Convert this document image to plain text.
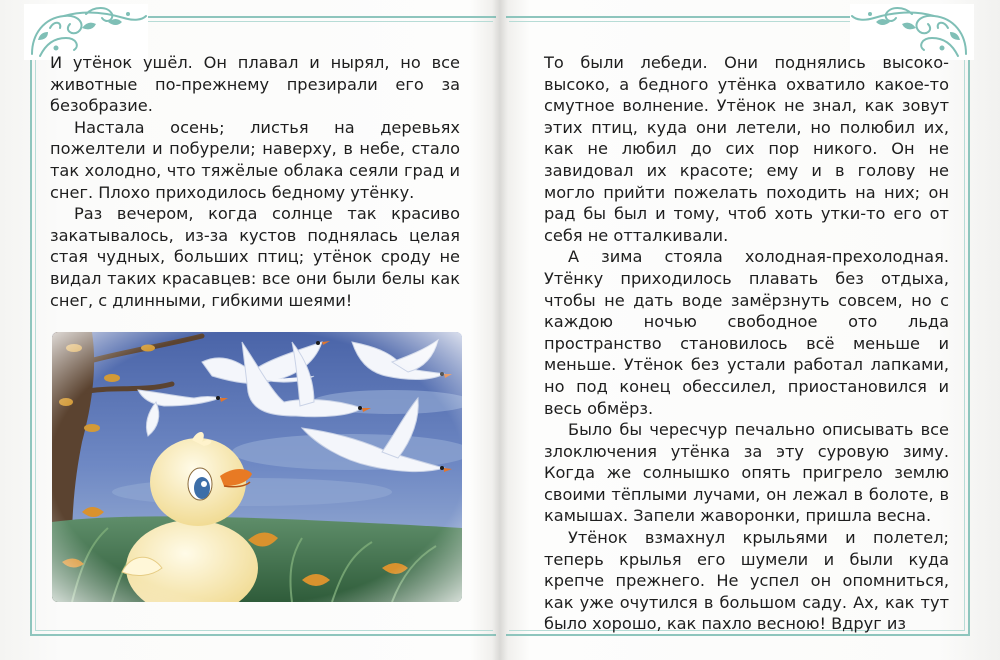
И утёнок ушёл. Он плавал и нырял, но все животные по-прежнему презирали его за безобразие.

Настала осень; листья на деревьях пожелтели и побурели; наверху, в небе, стало так холодно, что тяжёлые облака сеяли град и снег. Плохо приходилось бедному утёнку.

Раз вечером, когда солнце так красиво закатывалось, из-за кустов поднялась целая стая чудных, больших птиц; утёнок сроду не видал таких красавцев: все они были белы как снег, с длинными, гибкими шеями!

То были лебеди. Они поднялись высоко-высоко, а бедного утёнка охватило какое-то смутное волнение. Утёнок не знал, как зовут этих птиц, куда они летели, но полюбил их, как не любил до сих пор никого. Он не завидовал их красоте; ему и в голову не могло прийти пожелать походить на них; он рад бы был и тому, чтоб хоть утки-то его от себя не отталкивали.

А зима стояла холодная-прехолодная. Утёнку приходилось плавать без отдыха, чтобы не дать воде замёрзнуть совсем, но с каждою ночью свободное ото льда пространство становилось всё меньше и меньше. Утёнок без устали работал лапками, но под конец обессилел, приостановился и весь обмёрз.

Было бы чересчур печально описывать все злоключения утёнка за эту суровую зиму. Когда же солнышко опять пригрело землю своими тёплыми лучами, он лежал в болоте, в камышах. Запели жаворонки, пришла весна.

Утёнок взмахнул крыльями и полетел; теперь крылья его шумели и были куда крепче прежнего. Не успел он опомниться, как уже очутился в большом саду. Ах, как тут было хорошо, как пахло весною! Вдруг из
